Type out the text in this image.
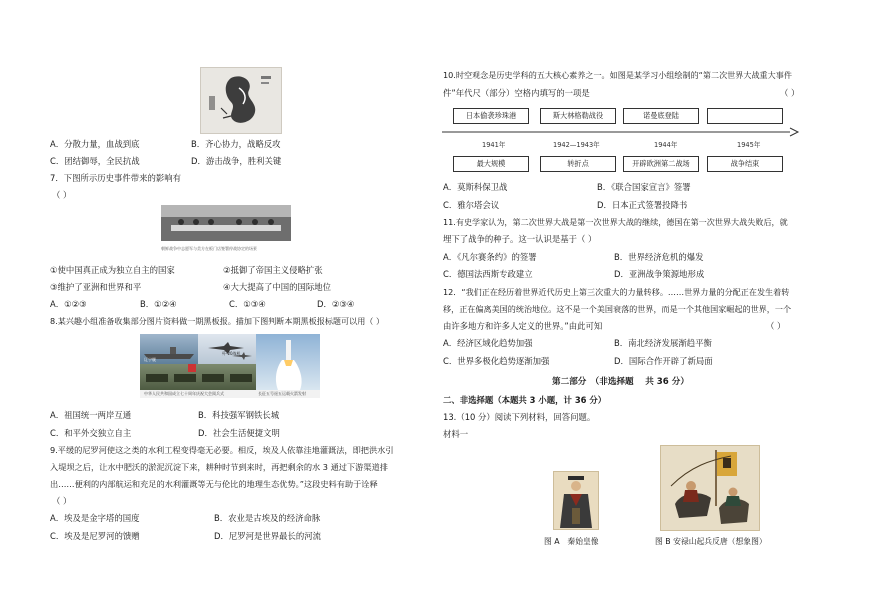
A．分散力量，血战到底	B．齐心协力，战略反攻
C．团结御辱，全民抗战	D．游击战争，胜利关键
7．下图所示历史事件带来的影响有
（ ）
朝鲜战争中志愿军与美方在板门店签署停战协定的场景
①使中国真正成为独立自主的国家	②抵御了帝国主义侵略扩张
③维护了亚洲和世界和平	④大大提高了中国的国际地位
A．①②③	B．①②④	C．①③④	D．②③④
8.某兴趣小组准备收集部分图片资料做一期黑板报。描加下图判断本期黑板报标题可以用（ ）
辽宁舰
歼-20战机
中华人民共和国成立七十周年庆祝大会阅兵式	长征五号遥五运载火箭发射
A．祖国统一两岸互通	B．科技强军钢铁长城
C．和平外交独立自主	D．社会生活便捷文明
9.平缓的尼罗河使这之类的水利工程变得毫无必要。相反，埃及人依靠洼地灌溉法，即把洪水引
入堤坝之后，让水中肥沃的淤泥沉淀下来，耕种时节到来时，再把剩余的水 3 通过下游渠道排
出……便利的内部航运和充足的水利灌溉等无与伦比的地理生态优势。”这段史料有助于诠释
（ ）
A．埃及是金字塔的国度	B．农业是古埃及的经济命脉
C．埃及是尼罗河的馈赠	D．尼罗河是世界最长的河流
10.时空观念是历史学科的五大核心素养之一。如图是某学习小组绘制的“第二次世界大战重大事件
件”年代尺（部分）空格内填写的一项是	（ ）
日本偷袭珍珠港	斯大林格勒战役	诺曼底登陆
1941年	1942—1943年	1944年	1945年
最大规模	转折点	开辟欧洲第二战场	战争结束
A．莫斯科保卫战	B．《联合国家宣言》签署
C．雅尔塔会议	D．日本正式签署投降书
11.有史学家认为，第二次世界大战是第一次世界大战的继续，德国在第一次世界大战失败后，就
埋下了战争的种子。这一认识是基于（ ）
A．《凡尔赛条约》的签署	B．世界经济危机的爆发
C．德国法西斯专政建立	D．亚洲战争策源地形成
12．“我们正在经历着世界近代历史上第三次重大的力量转移。……世界力量的分配正在发生着转
移，正在偏离美国的统治地位。这不是一个美国衰落的世界，而是一个其他国家崛起的世界，一个
由许多地方和许多人定义的世界。”由此可知	（ ）
A．经济区域化趋势加强	B．南北经济发展渐趋平衡
C．世界多极化趋势逐渐加强	D．国际合作开辟了新局面
第二部分　（非选择题　 共 36 分）
二、非选择题（本题共 3 小题，计 36 分）
13.（10 分）阅读下列材料，回答问题。
材料一
图 A　秦始皇像	图 B 安禄山起兵反唐（想象图）
